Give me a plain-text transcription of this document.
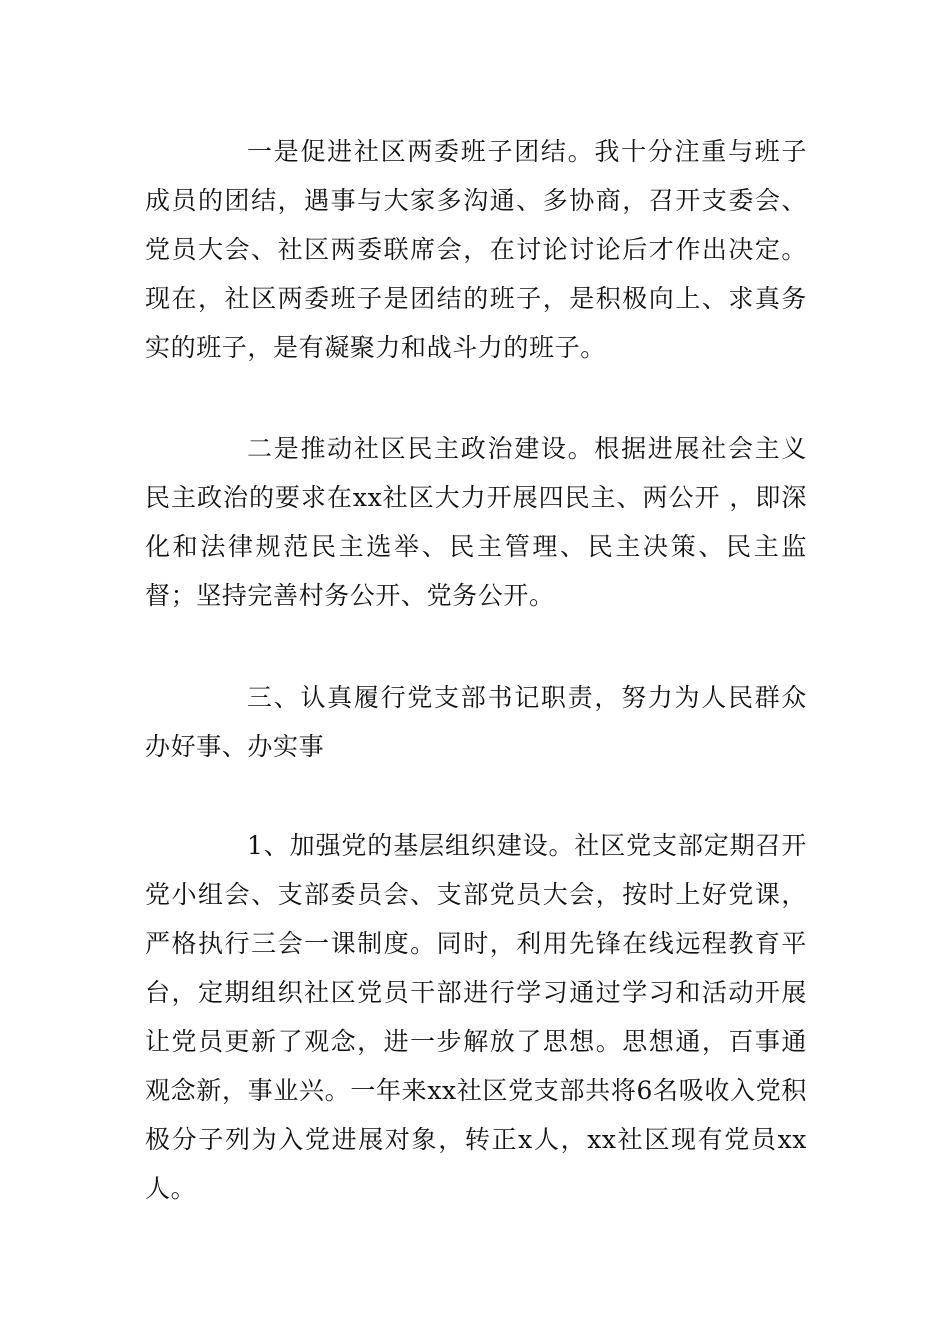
一是促进社区两委班子团结。我十分注重与班子成员的团结，遇事与大家多沟通、多协商，召开支委会、党员大会、社区两委联席会，在讨论讨论后才作出决定。现在，社区两委班子是团结的班子，是积极向上、求真务实的班子，是有凝聚力和战斗力的班子。

二是推动社区民主政治建设。根据进展社会主义民主政治的要求在xx社区大力开展四民主、两公开 ，即深化和法律规范民主选举、民主管理、民主决策、民主监督；坚持完善村务公开、党务公开。

三、认真履行党支部书记职责，努力为人民群众办好事、办实事

1、加强党的基层组织建设。社区党支部定期召开党小组会、支部委员会、支部党员大会，按时上好党课，严格执行三会一课制度。同时，利用先锋在线远程教育平台，定期组织社区党员干部进行学习通过学习和活动开展让党员更新了观念，进一步解放了思想。思想通，百事通观念新，事业兴。一年来xx社区党支部共将6名吸收入党积极分子列为入党进展对象，转正x人，xx社区现有党员xx人。
